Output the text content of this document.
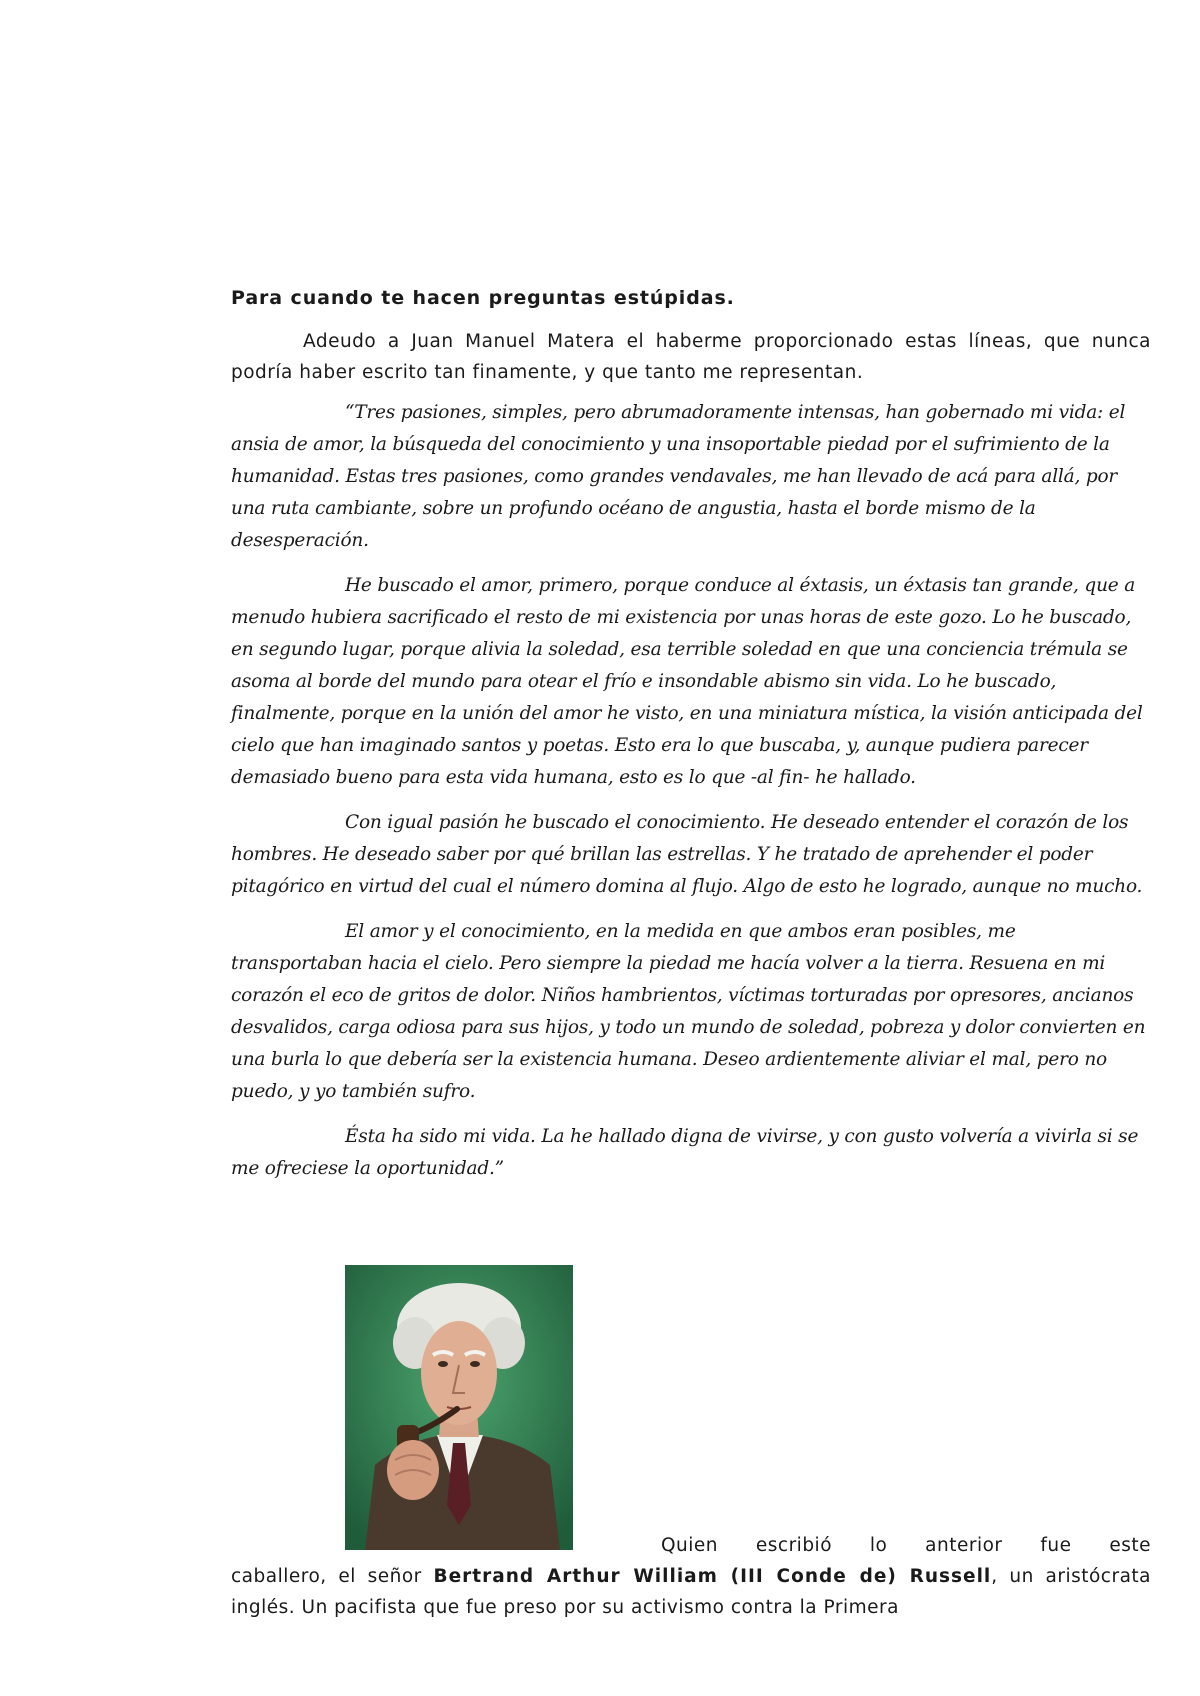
Para cuando te hacen preguntas estúpidas.

Adeudo a Juan Manuel Matera el haberme proporcionado estas líneas, que nunca podría haber escrito tan finamente, y que tanto me representan.

“Tres pasiones, simples, pero abrumadoramente intensas, han gobernado mi vida: el ansia de amor, la búsqueda del conocimiento y una insoportable piedad por el sufrimiento de la humanidad. Estas tres pasiones, como grandes vendavales, me han llevado de acá para allá, por una ruta cambiante, sobre un profundo océano de angustia, hasta el borde mismo de la desesperación.

He buscado el amor, primero, porque conduce al éxtasis, un éxtasis tan grande, que a menudo hubiera sacrificado el resto de mi existencia por unas horas de este gozo. Lo he buscado, en segundo lugar, porque alivia la soledad, esa terrible soledad en que una conciencia trémula se asoma al borde del mundo para otear el frío e insondable abismo sin vida. Lo he buscado, finalmente, porque en la unión del amor he visto, en una miniatura mística, la visión anticipada del cielo que han imaginado santos y poetas. Esto era lo que buscaba, y, aunque pudiera parecer demasiado bueno para esta vida humana, esto es lo que -al fin- he hallado.

Con igual pasión he buscado el conocimiento. He deseado entender el corazón de los hombres. He deseado saber por qué brillan las estrellas. Y he tratado de aprehender el poder pitagórico en virtud del cual el número domina al flujo. Algo de esto he logrado, aunque no mucho.

El amor y el conocimiento, en la medida en que ambos eran posibles, me transportaban hacia el cielo. Pero siempre la piedad me hacía volver a la tierra. Resuena en mi corazón el eco de gritos de dolor. Niños hambrientos, víctimas torturadas por opresores, ancianos desvalidos, carga odiosa para sus hijos, y todo un mundo de soledad, pobreza y dolor convierten en una burla lo que debería ser la existencia humana. Deseo ardientemente aliviar el mal, pero no puedo, y yo también sufro.

Ésta ha sido mi vida. La he hallado digna de vivirse, y con gusto volvería a vivirla si se me ofreciese la oportunidad.”

Quien escribió lo anterior fue este
caballero, el señor Bertrand Arthur William (III Conde de) Russell, un aristócrata inglés. Un pacifista que fue preso por su activismo contra la Primera
